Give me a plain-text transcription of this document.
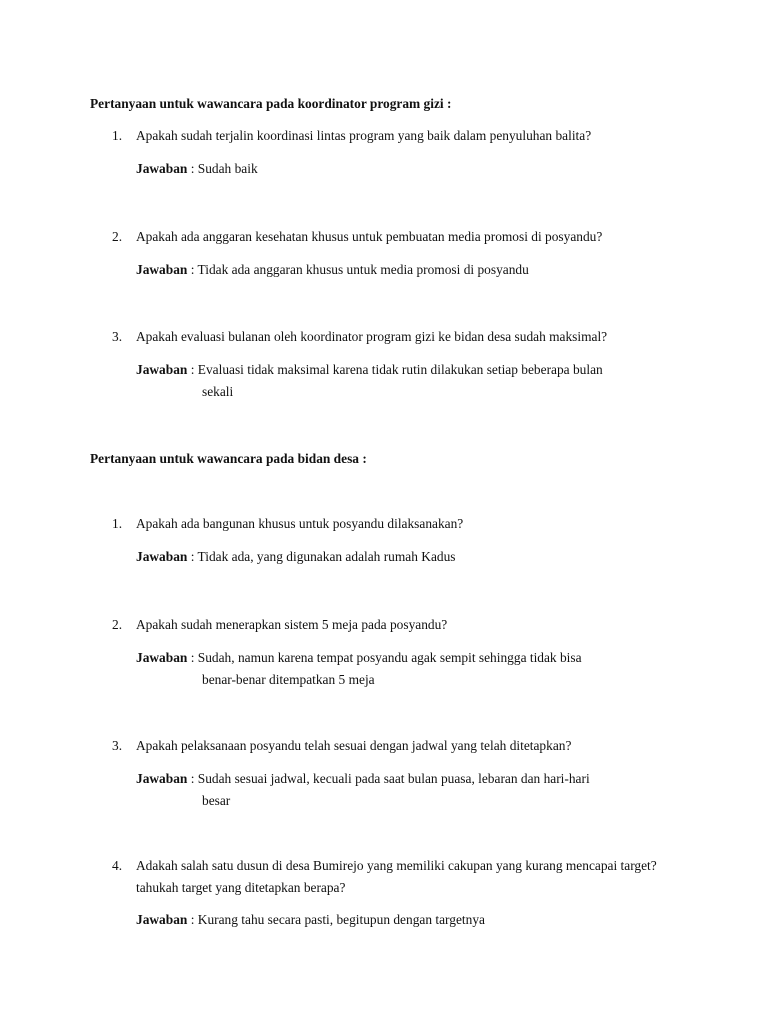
Pertanyaan untuk wawancara pada koordinator program gizi :
1. Apakah sudah terjalin koordinasi lintas program yang baik dalam penyuluhan balita?
Jawaban : Sudah baik
2. Apakah ada anggaran kesehatan khusus untuk pembuatan media promosi di posyandu?
Jawaban : Tidak ada anggaran khusus untuk media promosi di posyandu
3. Apakah evaluasi bulanan oleh koordinator program gizi ke bidan desa sudah maksimal?
Jawaban : Evaluasi tidak maksimal karena tidak rutin dilakukan setiap beberapa bulan
sekali
Pertanyaan untuk wawancara pada bidan desa :
1. Apakah ada bangunan khusus untuk posyandu dilaksanakan?
Jawaban : Tidak ada, yang digunakan adalah rumah Kadus
2. Apakah sudah menerapkan sistem 5 meja pada posyandu?
Jawaban : Sudah, namun karena tempat posyandu agak sempit sehingga tidak bisa
benar-benar ditempatkan 5 meja
3. Apakah pelaksanaan posyandu telah sesuai dengan jadwal yang telah ditetapkan?
Jawaban : Sudah sesuai jadwal, kecuali pada saat bulan puasa, lebaran dan hari-hari
besar
4. Adakah salah satu dusun di desa Bumirejo yang memiliki cakupan yang kurang mencapai target?tahukah target yang ditetapkan berapa?
Jawaban : Kurang tahu secara pasti, begitupun dengan targetnya
